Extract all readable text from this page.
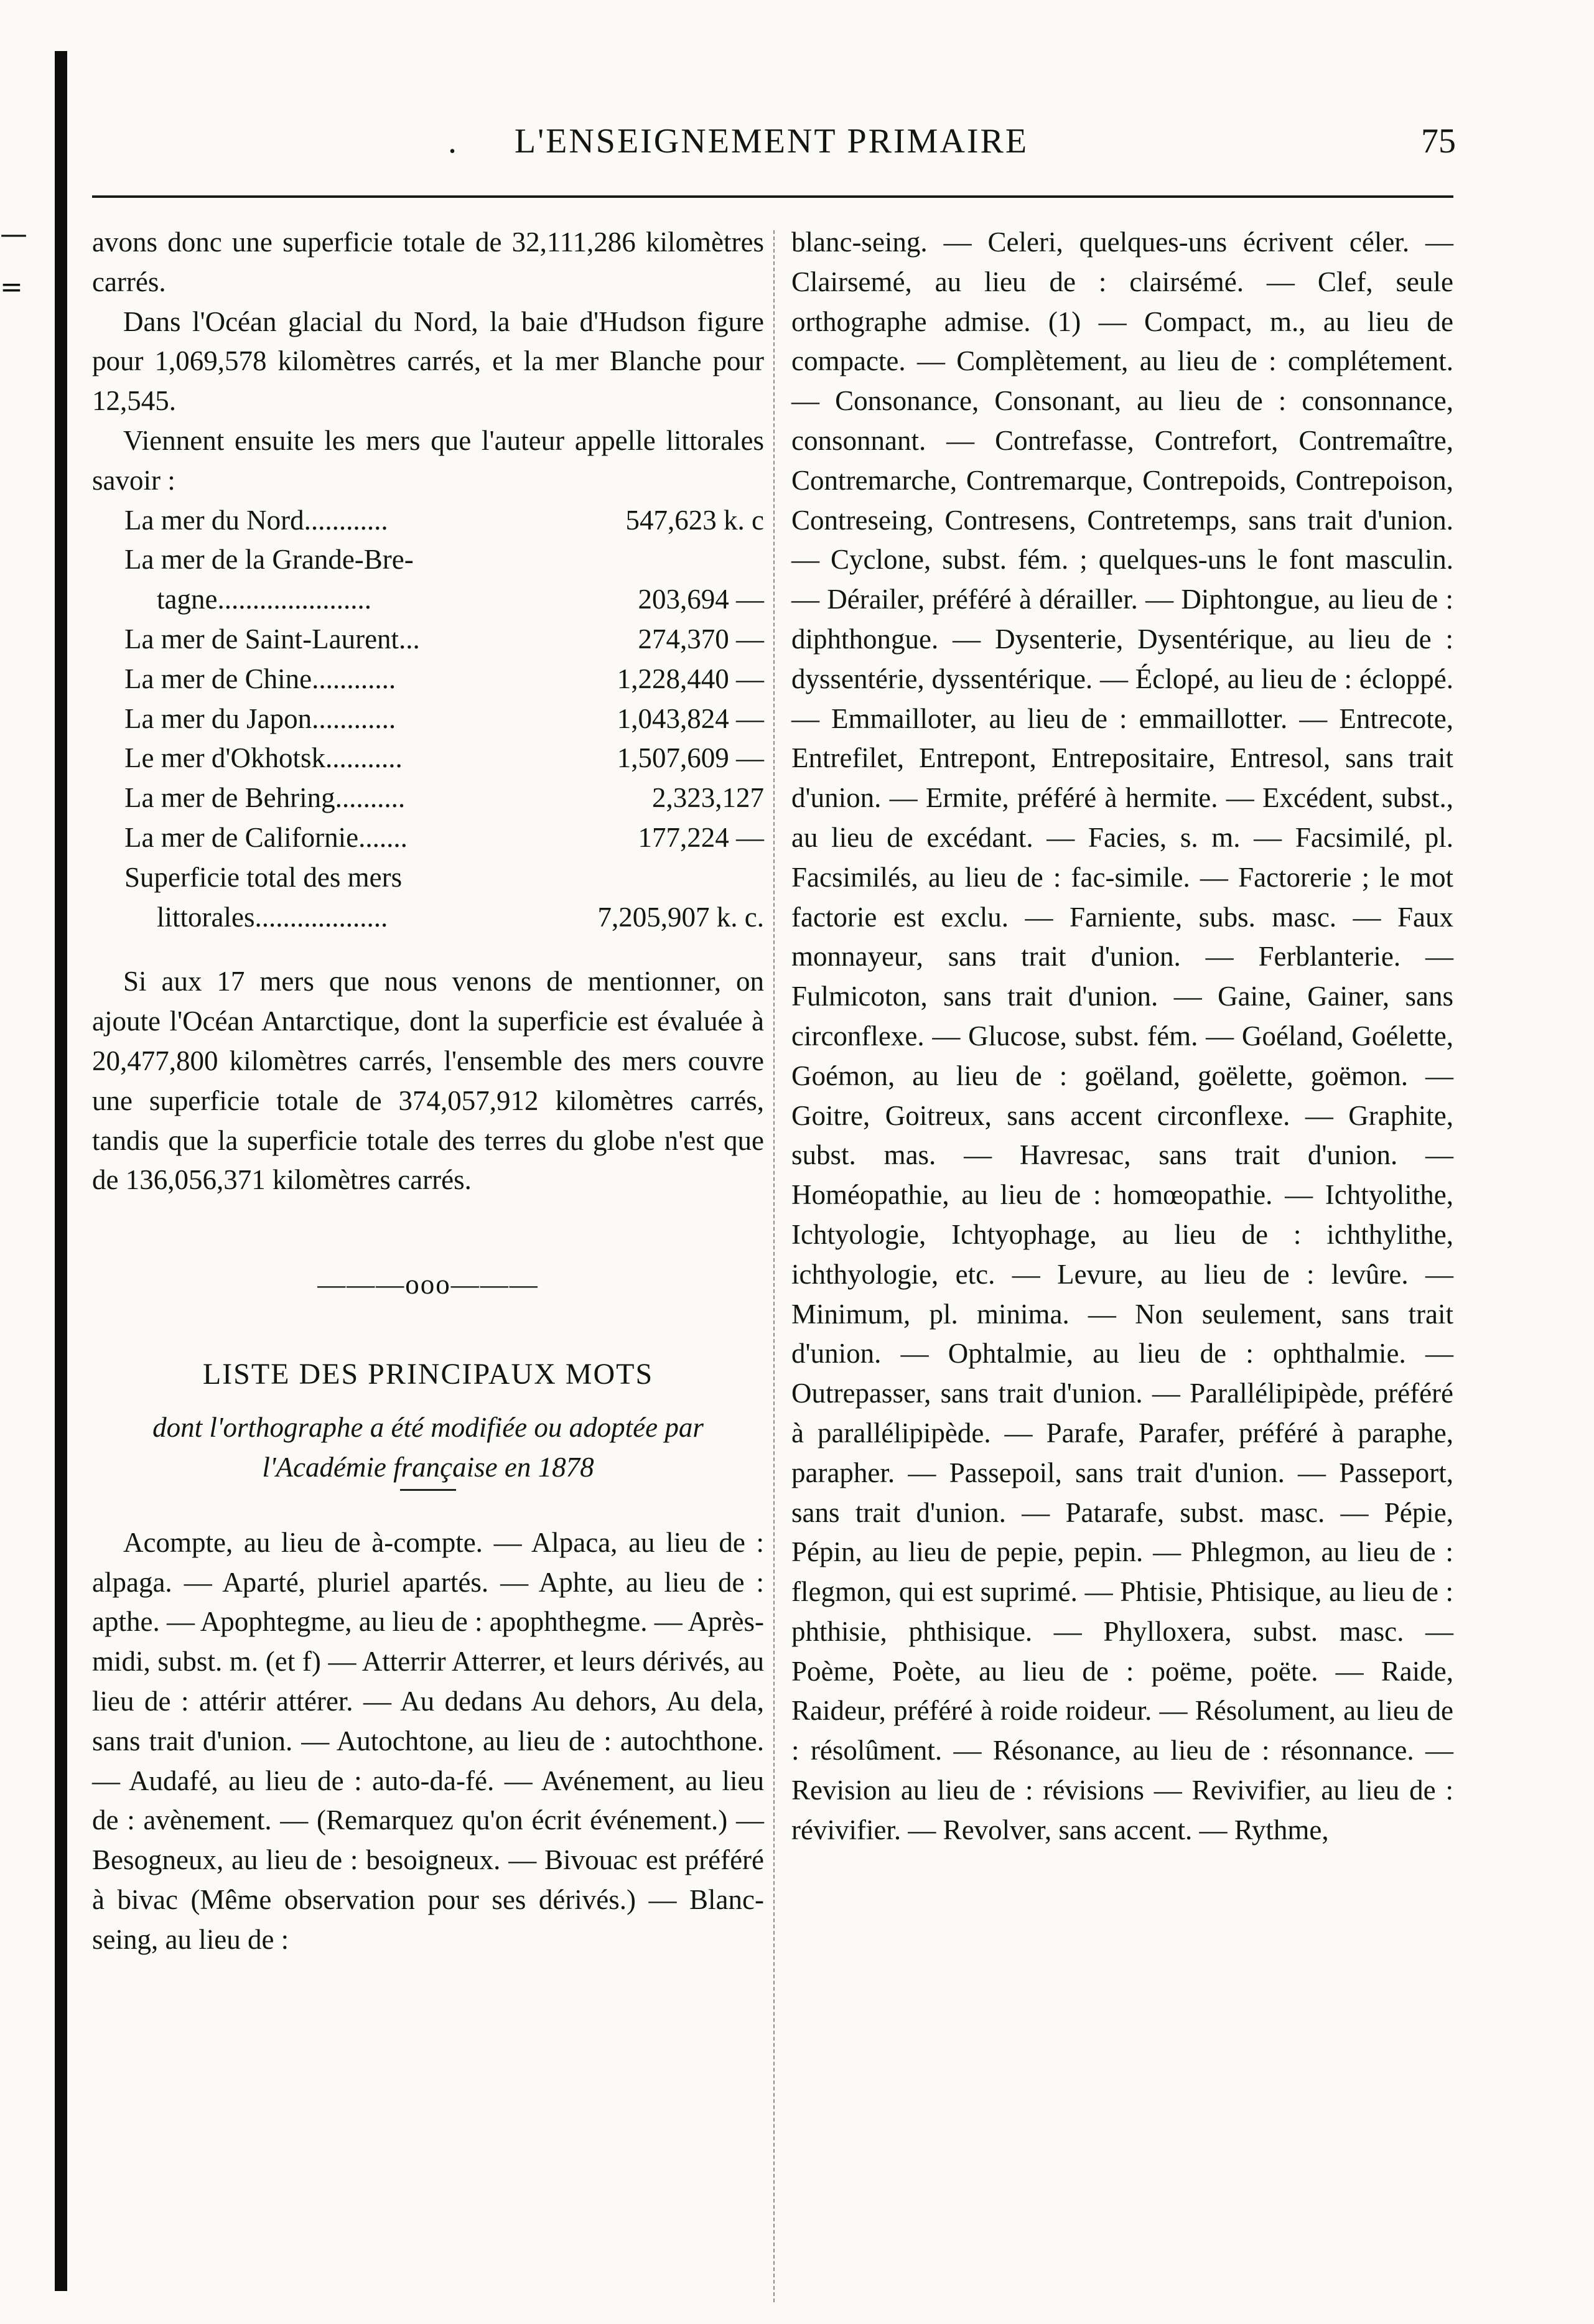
—
=
.	L'ENSEIGNEMENT PRIMAIRE	75

avons donc une superficie totale de 32,111,286 kilomètres carrés.

Dans l'Océan glacial du Nord, la baie d'Hudson figure pour 1,069,578 kilomètres carrés, et la mer Blanche pour 12,545.

Viennent ensuite les mers que l'auteur appelle littorales savoir :

La mer du Nord............	547,623 k. c
La mer de la Grande-Bre-
tagne......................	203,694 —
La mer de Saint-Laurent...	274,370 —
La mer de Chine............	1,228,440 —
La mer du Japon............	1,043,824 —
Le mer d'Okhotsk...........	1,507,609 —
La mer de Behring..........	2,323,127
La mer de Californie.......	177,224 —
Superficie total des mers
littorales...................	7,205,907 k. c.

Si aux 17 mers que nous venons de mentionner, on ajoute l'Océan Antarctique, dont la superficie est évaluée à 20,477,800 kilomètres carrés, l'ensemble des mers couvre une superficie totale de 374,057,912 kilomètres carrés, tandis que la superficie totale des terres du globe n'est que de 136,056,371 kilomètres carrés.

———ooo———
LISTE DES PRINCIPAUX MOTS
dont l'orthographe a été modifiée ou adoptée par l'Académie française en 1878

Acompte, au lieu de à-compte. — Alpaca, au lieu de : alpaga. — Aparté, pluriel apartés. — Aphte, au lieu de : apthe. — Apophtegme, au lieu de : apophthegme. — Après-midi, subst. m. (et f) — Atterrir Atterrer, et leurs dérivés, au lieu de : attérir attérer. — Au dedans Au dehors, Au dela, sans trait d'union. — Autochtone, au lieu de : autochthone. — Audafé, au lieu de : auto-da-fé. — Avénement, au lieu de : avènement. — (Remarquez qu'on écrit événement.) — Besogneux, au lieu de : besoigneux. — Bivouac est préféré à bivac (Même observation pour ses dérivés.) — Blanc-seing, au lieu de :

blanc-seing. — Celeri, quelques-uns écrivent céler. — Clairsemé, au lieu de : clairsémé. — Clef, seule orthographe admise. (1) — Compact, m., au lieu de compacte. — Complètement, au lieu de : complétement. — Consonance, Consonant, au lieu de : consonnance, consonnant. — Contrefasse, Contrefort, Contremaître, Contremarche, Contremarque, Contrepoids, Contrepoison, Contreseing, Contresens, Contretemps, sans trait d'union. — Cyclone, subst. fém. ; quelques-uns le font masculin. — Dérailer, préféré à dérailler. — Diphtongue, au lieu de : diphthongue. — Dysenterie, Dysentérique, au lieu de : dyssentérie, dyssentérique. — Éclopé, au lieu de : écloppé. — Emmailloter, au lieu de : emmaillotter. — Entrecote, Entrefilet, Entrepont, Entrepositaire, Entresol, sans trait d'union. — Ermite, préféré à hermite. — Excédent, subst., au lieu de excédant. — Facies, s. m. — Facsimilé, pl. Facsimilés, au lieu de : fac-simile. — Factorerie ; le mot factorie est exclu. — Farniente, subs. masc. — Faux monnayeur, sans trait d'union. — Ferblanterie. — Fulmicoton, sans trait d'union. — Gaine, Gainer, sans circonflexe. — Glucose, subst. fém. — Goéland, Goélette, Goémon, au lieu de : goëland, goëlette, goëmon. — Goitre, Goitreux, sans accent circonflexe. — Graphite, subst. mas. — Havresac, sans trait d'union. — Homéopathie, au lieu de : homœopathie. — Ichtyolithe, Ichtyologie, Ichtyophage, au lieu de : ichthylithe, ichthyologie, etc. — Levure, au lieu de : levûre. — Minimum, pl. minima. — Non seulement, sans trait d'union. — Ophtalmie, au lieu de : ophthalmie. — Outrepasser, sans trait d'union. — Parallélipipède, préféré à parallélipipède. — Parafe, Parafer, préféré à paraphe, parapher. — Passepoil, sans trait d'union. — Passeport, sans trait d'union. — Patarafe, subst. masc. — Pépie, Pépin, au lieu de pepie, pepin. — Phlegmon, au lieu de : flegmon, qui est suprimé. — Phtisie, Phtisique, au lieu de : phthisie, phthisique. — Phylloxera, subst. masc. — Poème, Poète, au lieu de : poëme, poëte. — Raide, Raideur, préféré à roide roideur. — Résolument, au lieu de : résolûment. — Résonance, au lieu de : résonnance. — Revision au lieu de : révisions — Revivifier, au lieu de : révivifier. — Revolver, sans accent. — Rythme,
